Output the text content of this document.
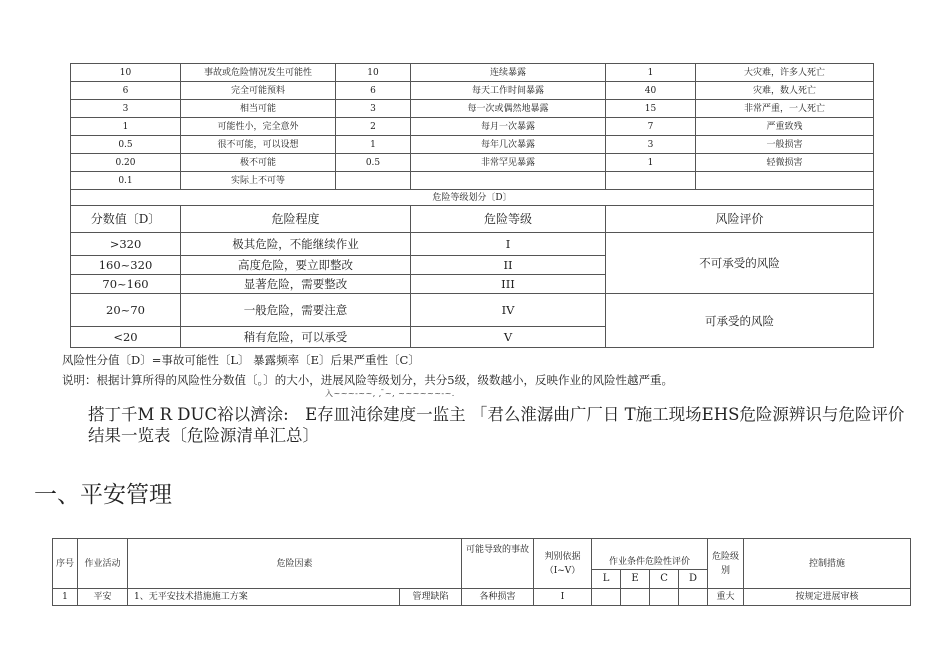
10	事故或危险情况发生可能性	10	连续暴露	1	大灾难，许多人死亡
6	完全可能预料	6	每天工作时间暴露	40	灾难，数人死亡
3	相当可能	3	每一次或偶然地暴露	15	非常严重，一人死亡
1	可能性小，完全意外	2	每月一次暴露	7	严重致残
0.5	很不可能，可以设想	1	每年几次暴露	3	一般损害
0.20	极不可能	0.5	非常罕见暴露	1	轻微损害
0.1	实际上不可等				
危险等级划分〔D〕					
分数值〔D〕	危险程度		危险等级	风险评价	
>320	极其危险，不能继续作业		I	不可承受的风险	
160~320	高度危险，要立即整改		II		
70~160	显著危险，需要整改		III		
20~70	一般危险，需要注意		IV	可承受的风险	
<20	稍有危险，可以承受		V		
风险性分值〔D〕=事故可能性〔L〕 暴露频率〔E〕后果严重性〔C〕
说明：根据计算所得的风险性分数值〔。〕的大小，进展风险等级划分，共分5级，级数越小，反映作业的风险性越严重。
入~~~-~~, , ̄~, ~~~~~~-~.
搭丁千M R DUC裕以濟涂:　E存皿沌徐建度一监主 「君么淮潺曲广厂日 T施工现场EHS危险源辨识与危险评价结果一览表〔危险源清单汇总〕
一、平安管理
序号	作业活动	危险因素		可能导致的事故	判别依据（I~V）	作业条件危险性评价				危险级别	控制措施
						L	E	C	D		
1	平安	1、无平安技术措施施工方案	管理缺陷	各种损害	I					重大	按规定进展审核
